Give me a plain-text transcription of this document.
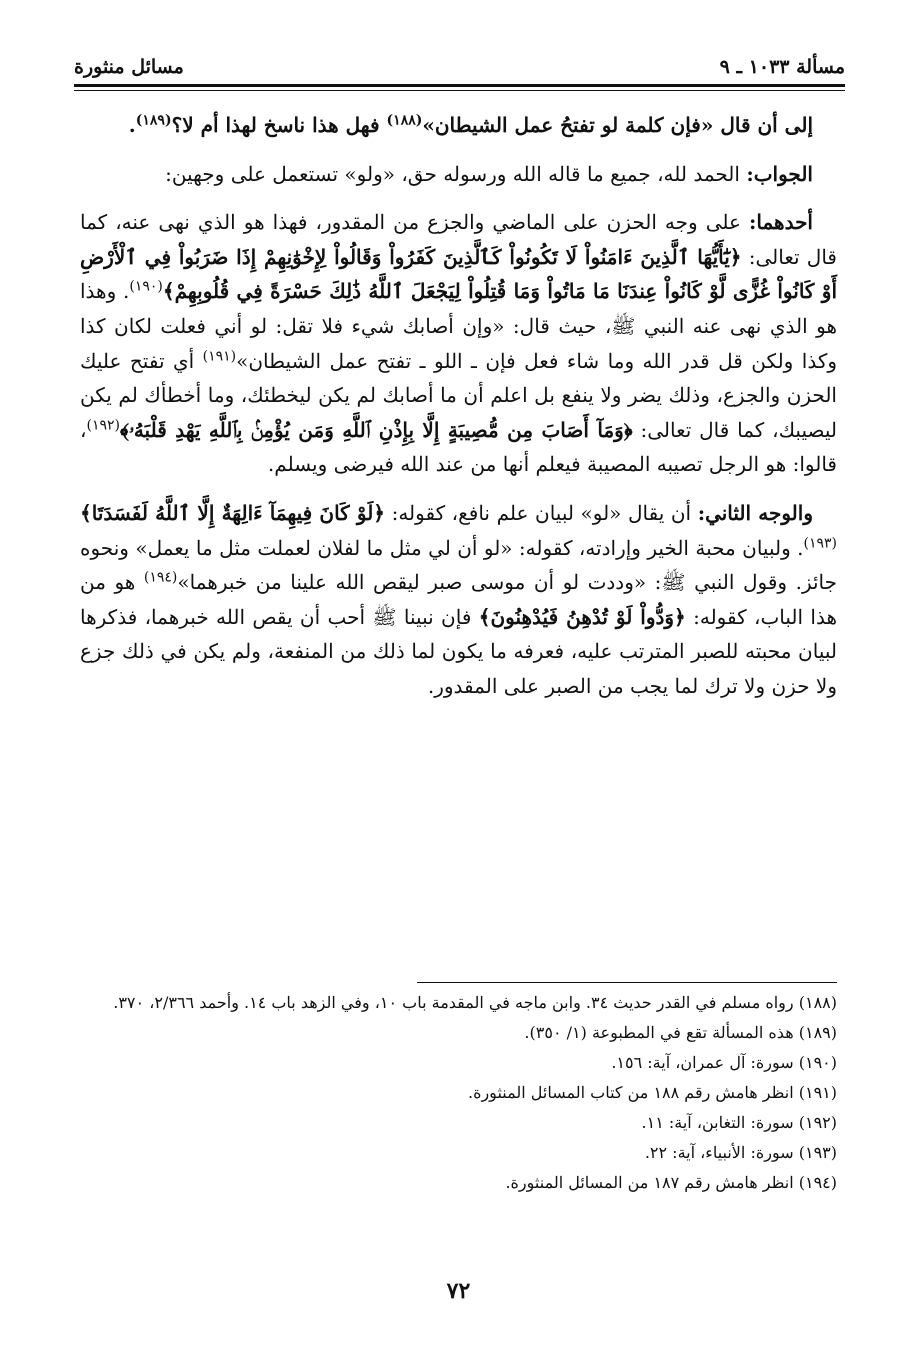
مسألة ١٠٣٣ ـ ٩
مسائل منثورة

إلى أن قال «فإن كلمة لو تفتحُ عمل الشيطان»$^{(١٨٨)}$ فهل هذا ناسخ لهذا أم لا؟$^{(١٨٩)}$.

الجواب: الحمد لله، جميع ما قاله الله ورسوله حق، «ولو» تستعمل على وجهين:

أحدهما: على وجه الحزن على الماضي والجزع من المقدور، فهذا هو الذي نهى عنه، كما قال تعالى: ﴿يَٰٓأَيُّهَا ٱلَّذِينَ ءَامَنُواْ لَا تَكُونُواْ كَٱلَّذِينَ كَفَرُواْ وَقَالُواْ لِإِخْوَٰنِهِمْ إِذَا ضَرَبُواْ فِي ٱلْأَرْضِ أَوْ كَانُواْ غُزًّى لَّوْ كَانُواْ عِندَنَا مَا مَاتُواْ وَمَا قُتِلُواْ لِيَجْعَلَ ٱللَّهُ ذَٰلِكَ حَسْرَةً فِي قُلُوبِهِمْ﴾$^{(١٩٠)}$. وهذا هو الذي نهى عنه النبي ﷺ، حيث قال: «وإن أصابك شيء فلا تقل: لو أني فعلت لكان كذا وكذا ولكن قل قدر الله وما شاء فعل فإن ـ اللو ـ تفتح عمل الشيطان»$^{(١٩١)}$ أي تفتح عليك الحزن والجزع، وذلك يضر ولا ينفع بل اعلم أن ما أصابك لم يكن ليخطئك، وما أخطأك لم يكن ليصيبك، كما قال تعالى: ﴿وَمَآ أَصَابَ مِن مُّصِيبَةٍ إِلَّا بِإِذْنِ ٱللَّهِ وَمَن يُؤْمِنۢ بِٱللَّهِ يَهْدِ قَلْبَهُۥ﴾$^{(١٩٢)}$، قالوا: هو الرجل تصيبه المصيبة فيعلم أنها من عند الله فيرضى ويسلم.

والوجه الثاني: أن يقال «لو» لبيان علم نافع، كقوله: ﴿لَوْ كَانَ فِيهِمَآ ءَالِهَةٌ إِلَّا ٱللَّهُ لَفَسَدَتَا﴾$^{(١٩٣)}$. ولبيان محبة الخير وإرادته، كقوله: «لو أن لي مثل ما لفلان لعملت مثل ما يعمل» ونحوه جائز. وقول النبي ﷺ: «وددت لو أن موسى صبر ليقص الله علينا من خبرهما»$^{(١٩٤)}$ هو من هذا الباب، كقوله: ﴿وَدُّواْ لَوْ تُدْهِنُ فَيُدْهِنُونَ﴾ فإن نبينا ﷺ أحب أن يقص الله خبرهما، فذكرها لبيان محبته للصبر المترتب عليه، فعرفه ما يكون لما ذلك من المنفعة، ولم يكن في ذلك جزع ولا حزن ولا ترك لما يجب من الصبر على المقدور.

(١٨٨) رواه مسلم في القدر حديث ٣٤. وابن ماجه في المقدمة باب ١٠، وفي الزهد باب ١٤. وأحمد ٢/٣٦٦، ٣٧٠.

(١٨٩) هذه المسألة تقع في المطبوعة (١/ ٣٥٠).

(١٩٠) سورة: آل عمران، آية: ١٥٦.

(١٩١) انظر هامش رقم ١٨٨ من كتاب المسائل المنثورة.

(١٩٢) سورة: التغابن، آية: ١١.

(١٩٣) سورة: الأنبياء، آية: ٢٢.

(١٩٤) انظر هامش رقم ١٨٧ من المسائل المنثورة.

٧٢
